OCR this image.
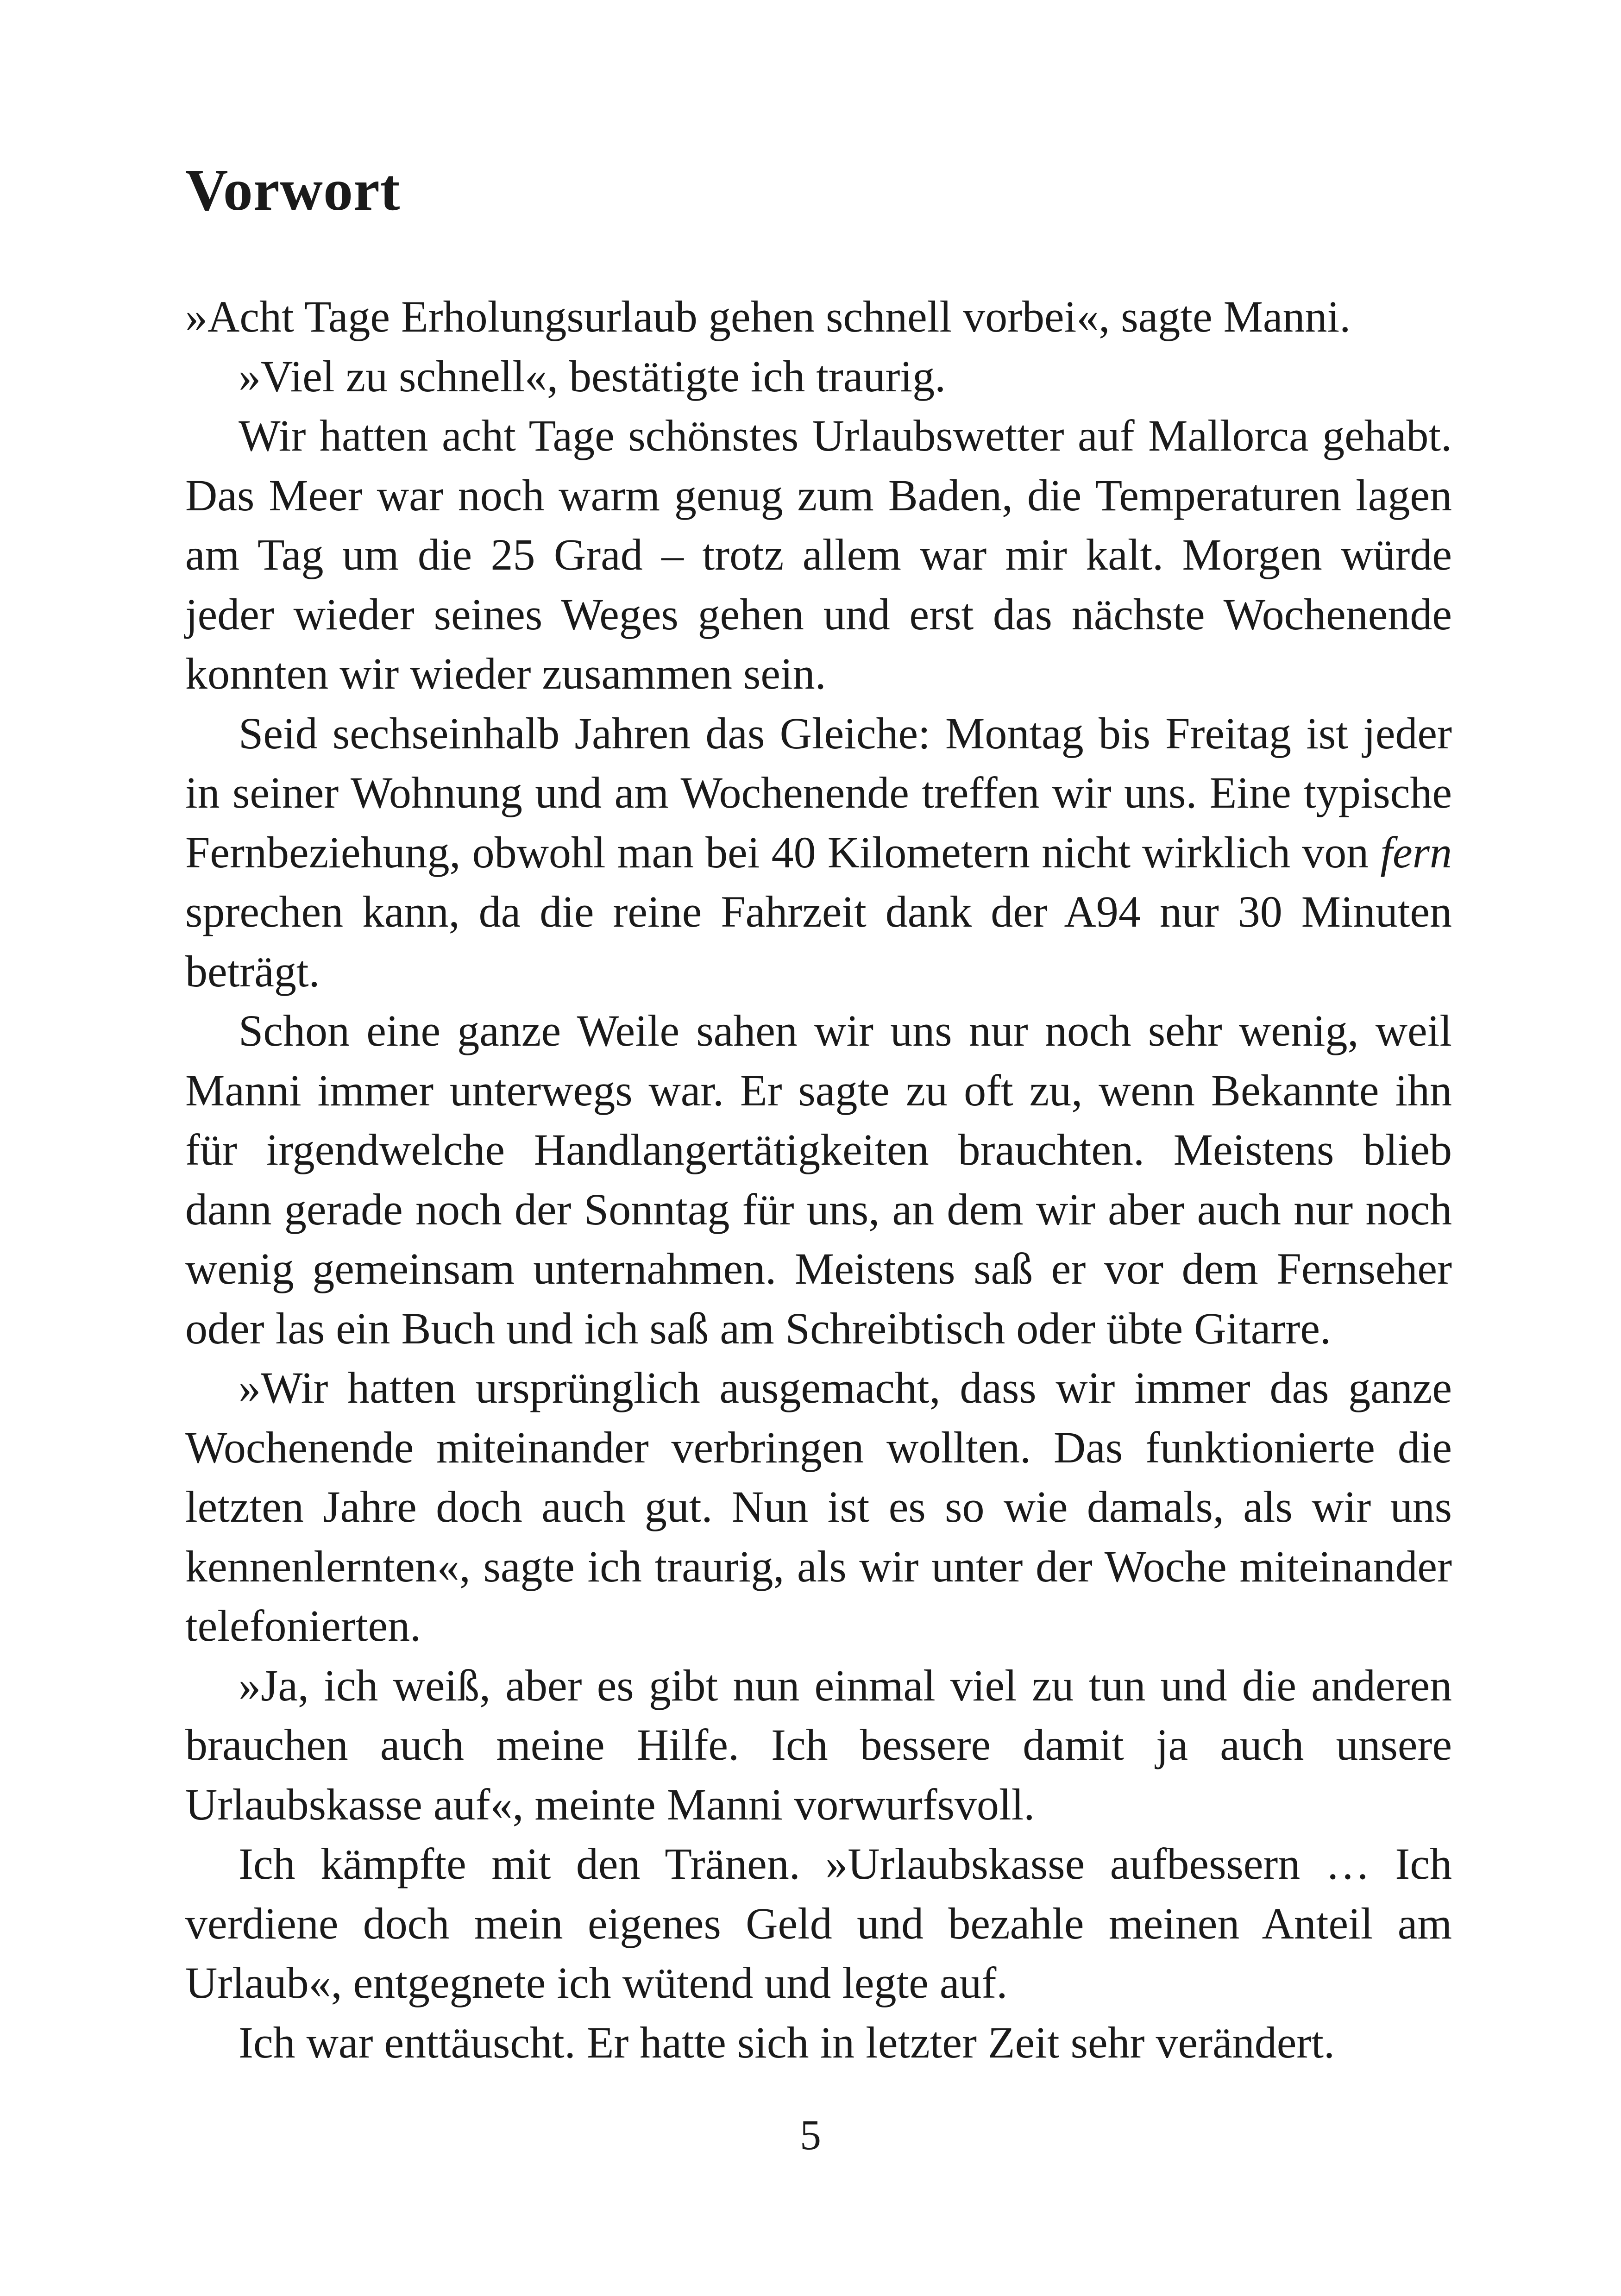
Vorwort

»Acht Tage Erholungsurlaub gehen schnell vorbei«, sagte Manni.

»Viel zu schnell«, bestätigte ich traurig.

Wir hatten acht Tage schönstes Urlaubswetter auf Mallorca gehabt. Das Meer war noch warm genug zum Baden, die Temperaturen lagen am Tag um die 25 Grad – trotz allem war mir kalt. Morgen würde jeder wieder seines Weges gehen und erst das nächste Wochenende konnten wir wieder zusammen sein.

Seid sechseinhalb Jahren das Gleiche: Montag bis Freitag ist jeder in seiner Wohnung und am Wochenende treffen wir uns. Eine typische Fernbeziehung, obwohl man bei 40 Kilometern nicht wirklich von fern sprechen kann, da die reine Fahrzeit dank der A94 nur 30 Minuten beträgt.

Schon eine ganze Weile sahen wir uns nur noch sehr wenig, weil Manni immer unterwegs war. Er sagte zu oft zu, wenn Bekannte ihn für irgendwelche Handlangertätigkeiten brauchten. Meistens blieb dann gerade noch der Sonntag für uns, an dem wir aber auch nur noch wenig gemeinsam unternahmen. Meistens saß er vor dem Fernseher oder las ein Buch und ich saß am Schreibtisch oder übte Gitarre.

»Wir hatten ursprünglich ausgemacht, dass wir immer das ganze Wochenende miteinander verbringen wollten. Das funktionierte die letzten Jahre doch auch gut. Nun ist es so wie damals, als wir uns kennenlernten«, sagte ich traurig, als wir unter der Woche miteinander telefonierten.

»Ja, ich weiß, aber es gibt nun einmal viel zu tun und die anderen brauchen auch meine Hilfe. Ich bessere damit ja auch unsere Urlaubskasse auf«, meinte Manni vorwurfsvoll.

Ich kämpfte mit den Tränen. »Urlaubskasse aufbessern … Ich verdiene doch mein eigenes Geld und bezahle meinen Anteil am Urlaub«, entgegnete ich wütend und legte auf.

Ich war enttäuscht. Er hatte sich in letzter Zeit sehr verändert.

5
